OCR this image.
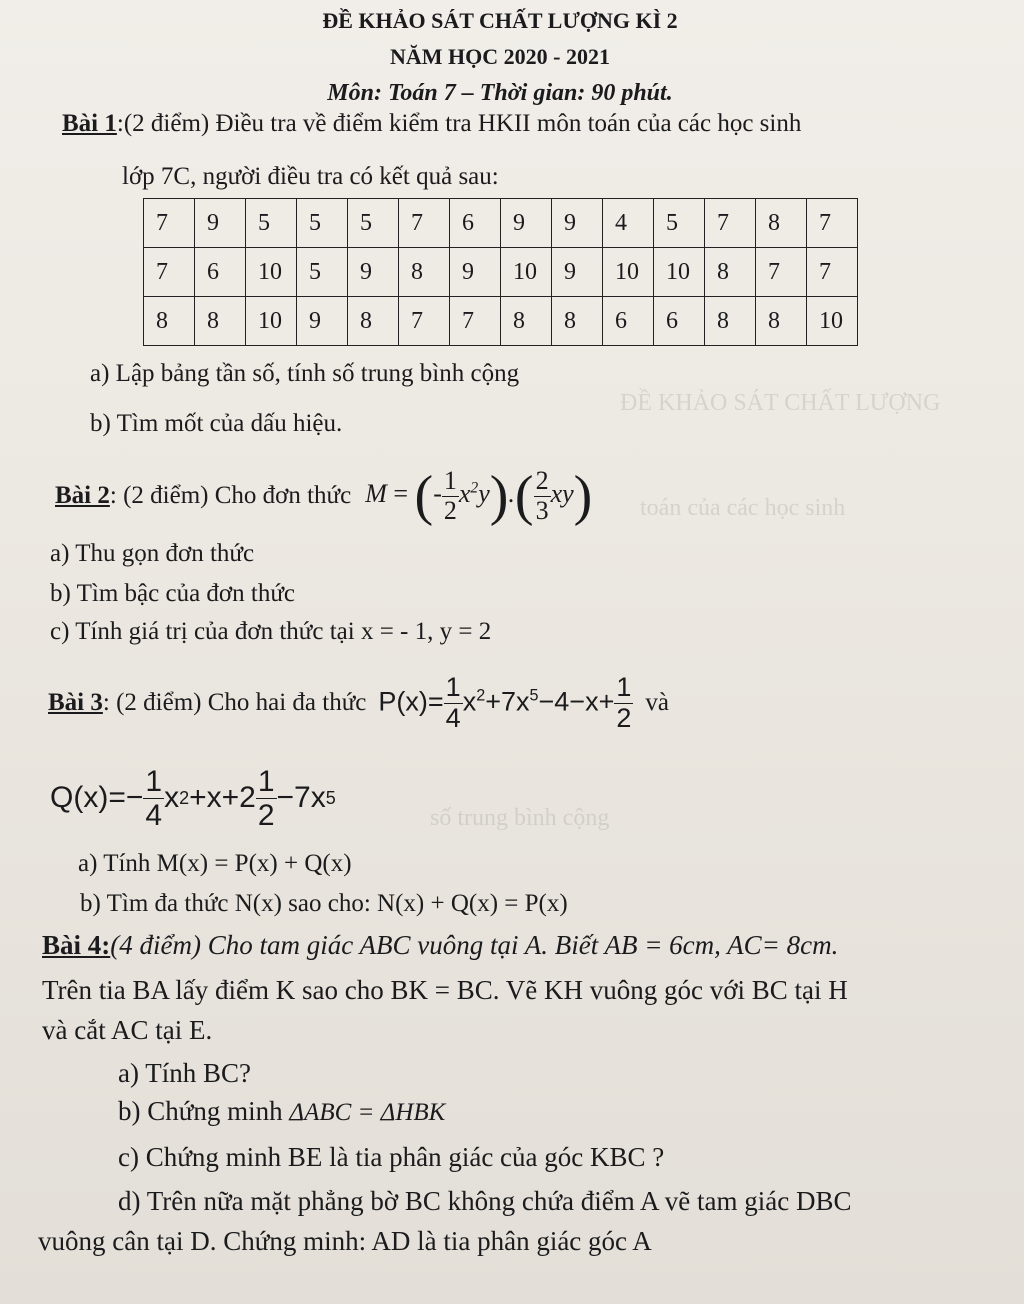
ĐỀ KHẢO SÁT CHẤT LƯỢNG
toán của các học sinh
số trung bình cộng
ĐỀ KHẢO SÁT CHẤT LƯỢNG KÌ 2
NĂM HỌC 2020 - 2021
Môn: Toán 7 – Thời gian: 90 phút.
Bài 1:(2 điểm) Điều tra về điểm kiểm tra HKII môn toán của các học sinh
lớp 7C, người điều tra có kết quả sau:
7	9	5	5	5	7	6	9	9	4	5	7	8	7
7	6	10	5	9	8	9	10	9	10	10	8	7	7
8	8	10	9	8	7	7	8	8	6	6	8	8	10
a) Lập bảng tần số, tính số trung bình cộng
b) Tìm mốt của dấu hiệu.
Bài 2 : (2 điểm) Cho đơn thức M = (- $\frac{1}{2} x^2y).( \frac{2}{3} xy)$
a) Thu gọn đơn thức
b) Tìm bậc của đơn thức
c) Tính giá trị của đơn thức tại x = - 1, y = 2
Bài 3 : (2 điểm) Cho hai đa thức $P(x)= \frac{1}{4} x^2+7x^5-4-x+ \frac{1}{2}$ và
Q(x) = − $\frac{1}{4}$ x $2 +x+2 \frac{1}{2} -7x$ 5
a) Tính M(x) = P(x) + Q(x)
b) Tìm đa thức N(x) sao cho: N(x) + Q(x) = P(x)
Bài 4:(4 điểm) Cho tam giác ABC vuông tại A. Biết AB = 6cm, AC= 8cm.
Trên tia BA lấy điểm K sao cho BK = BC. Vẽ KH vuông góc với BC tại H
và cắt AC tại E.
a) Tính BC?
b) Chứng minh ΔABC = ΔHBK
c) Chứng minh BE là tia phân giác của góc KBC ?
d) Trên nữa mặt phẳng bờ BC không chứa điểm A vẽ tam giác DBC
vuông cân tại D. Chứng minh: AD là tia phân giác góc A
